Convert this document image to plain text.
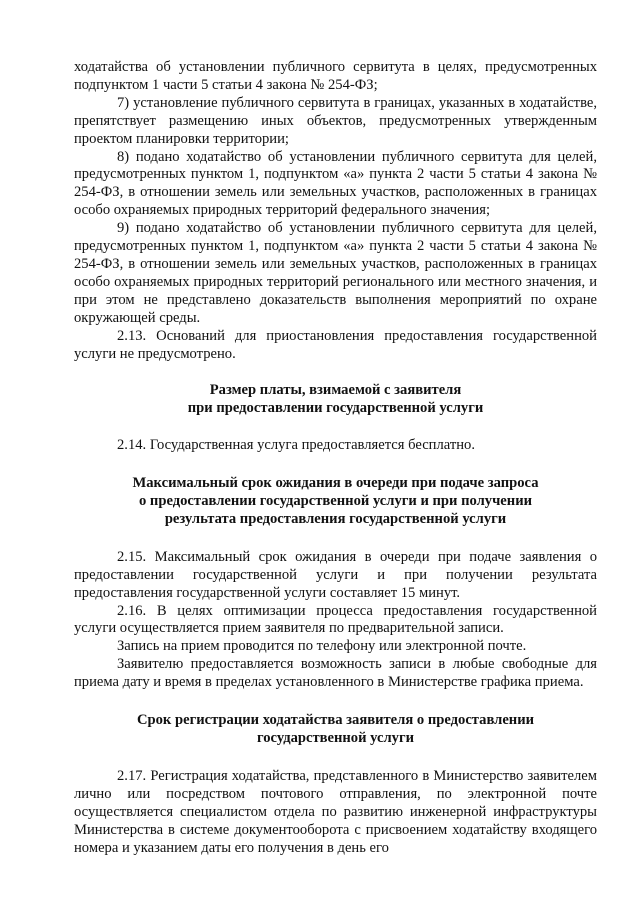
ходатайства об установлении публичного сервитута в целях, предусмотренных подпунктом 1 части 5 статьи 4 закона № 254-ФЗ;

7) установление публичного сервитута в границах, указанных в ходатайстве, препятствует размещению иных объектов, предусмотренных утвержденным проектом планировки территории;

8) подано ходатайство об установлении публичного сервитута для целей, предусмотренных пунктом 1, подпунктом «а» пункта 2 части 5 статьи 4 закона № 254-ФЗ, в отношении земель или земельных участков, расположенных в границах особо охраняемых природных территорий федерального значения;

9) подано ходатайство об установлении публичного сервитута для целей, предусмотренных пунктом 1, подпунктом «а» пункта 2 части 5 статьи 4 закона № 254-ФЗ, в отношении земель или земельных участков, расположенных в границах особо охраняемых природных территорий регионального или местного значения, и при этом не представлено доказательств выполнения мероприятий по охране окружающей среды.

2.13. Оснований для приостановления предоставления государственной услуги не предусмотрено.

Размер платы, взимаемой с заявителя
при предоставлении государственной услуги

2.14. Государственная услуга предоставляется бесплатно.

Максимальный срок ожидания в очереди при подаче запроса
о предоставлении государственной услуги и при получении
результата предоставления государственной услуги

2.15. Максимальный срок ожидания в очереди при подаче заявления о предоставлении государственной услуги и при получении результата предоставления государственной услуги составляет 15 минут.

2.16. В целях оптимизации процесса предоставления государственной услуги осуществляется прием заявителя по предварительной записи.

Запись на прием проводится по телефону или электронной почте.

Заявителю предоставляется возможность записи в любые свободные для приема дату и время в пределах установленного в Министерстве графика приема.

Срок регистрации ходатайства заявителя о предоставлении
государственной услуги

2.17. Регистрация ходатайства, представленного в Министерство заявителем лично или посредством почтового отправления, по электронной почте осуществляется специалистом отдела по развитию инженерной инфраструктуры Министерства в системе документооборота с присвоением ходатайству входящего номера и указанием даты его получения в день его
